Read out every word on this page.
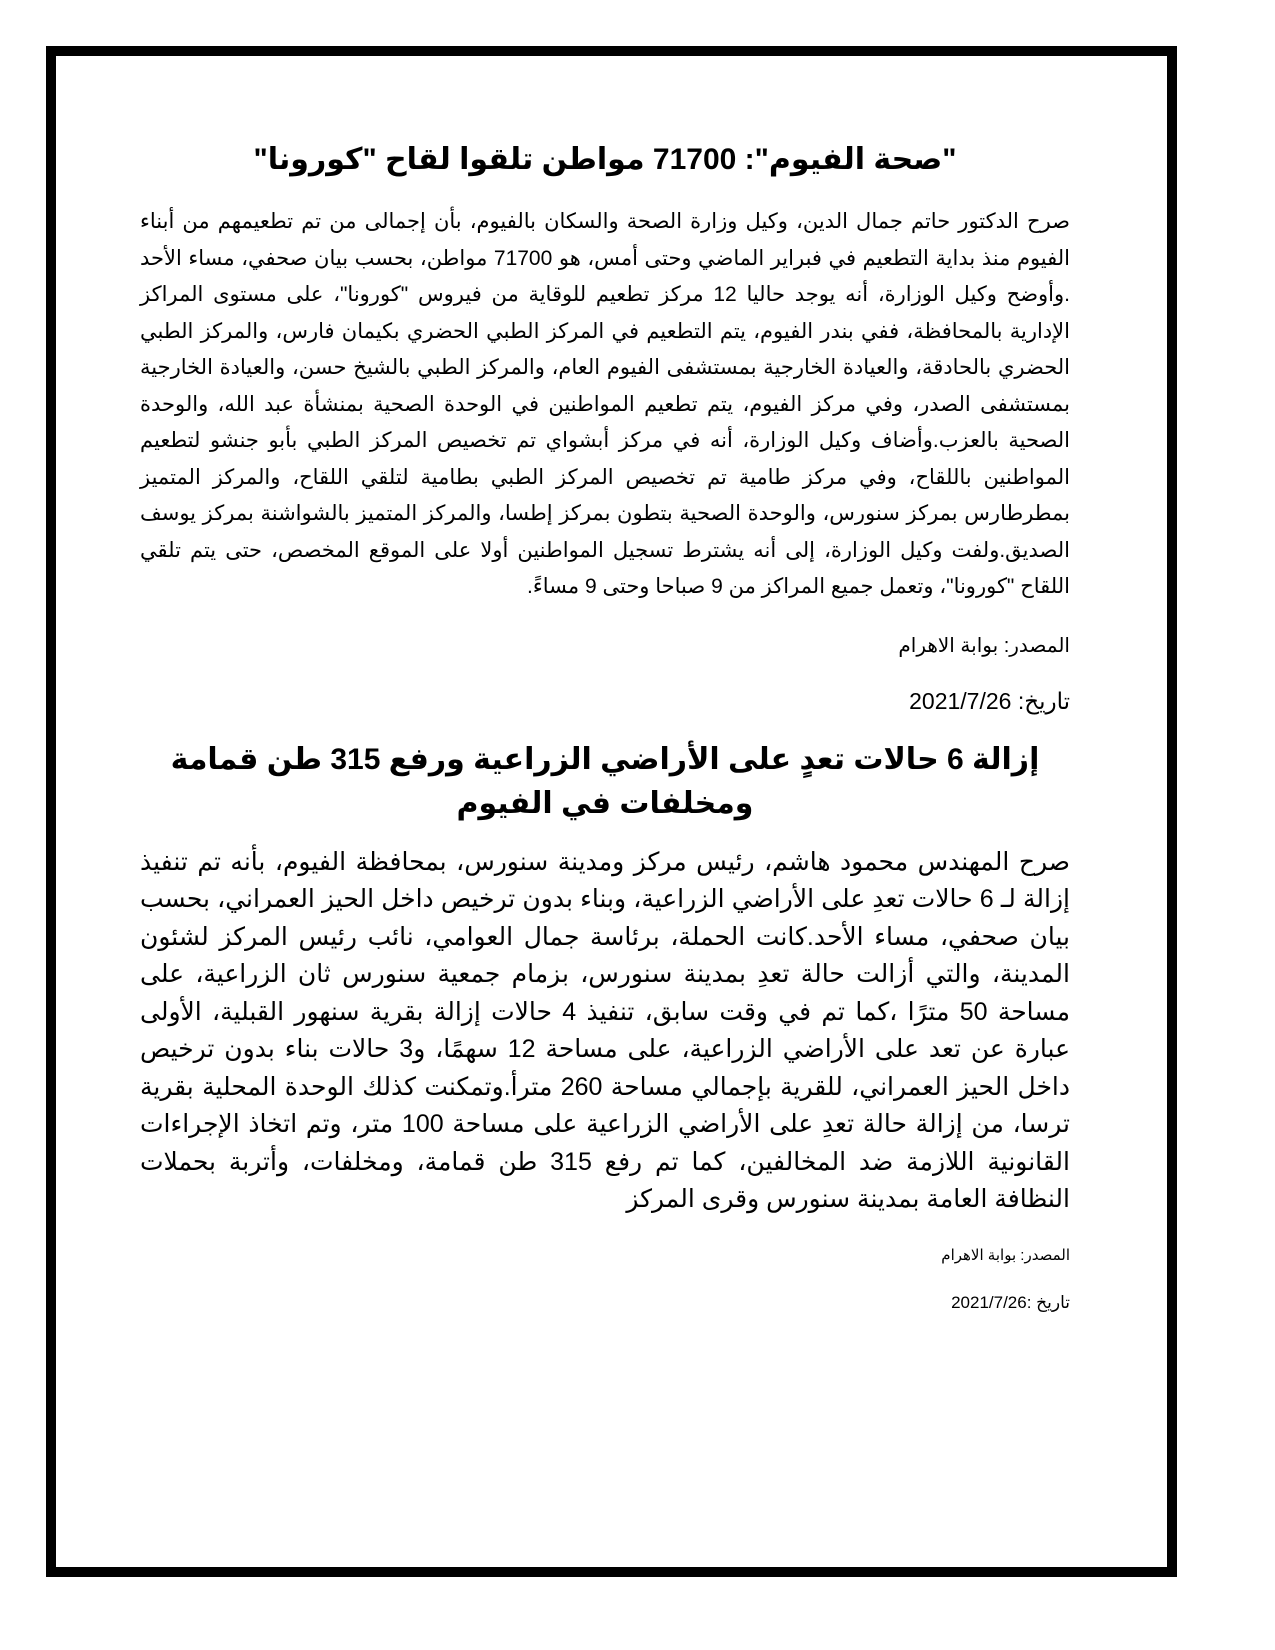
"صحة الفيوم": 71700 مواطن تلقوا لقاح "كورونا"

صرح الدكتور حاتم جمال الدين، وكيل وزارة الصحة والسكان بالفيوم، بأن إجمالى من تم تطعيمهم من أبناء الفيوم منذ بداية التطعيم في فبراير الماضي وحتى أمس، هو 71700 مواطن، بحسب بيان صحفي، مساء الأحد .وأوضح وكيل الوزارة، أنه يوجد حاليا 12 مركز تطعيم للوقاية من فيروس "كورونا"، على مستوى المراكز الإدارية بالمحافظة، ففي بندر الفيوم، يتم التطعيم في المركز الطبي الحضري بكيمان فارس، والمركز الطبي الحضري بالحادقة، والعيادة الخارجية بمستشفى الفيوم العام، والمركز الطبي بالشيخ حسن، والعيادة الخارجية بمستشفى الصدر، وفي مركز الفيوم، يتم تطعيم المواطنين في الوحدة الصحية بمنشأة عبد الله، والوحدة الصحية بالعزب.وأضاف وكيل الوزارة، أنه في مركز أبشواي تم تخصيص المركز الطبي بأبو جنشو لتطعيم المواطنين باللقاح، وفي مركز طامية تم تخصيص المركز الطبي بطامية لتلقي اللقاح، والمركز المتميز بمطرطارس بمركز سنورس، والوحدة الصحية بتطون بمركز إطسا، والمركز المتميز بالشواشنة بمركز يوسف الصديق.ولفت وكيل الوزارة، إلى أنه يشترط تسجيل المواطنين أولا على الموقع المخصص، حتى يتم تلقي اللقاح "كورونا"، وتعمل جميع المراكز من 9 صباحا وحتى 9 مساءً.

المصدر: بوابة الاهرام

تاريخ: 2021/7/26

إزالة 6 حالات تعدٍ على الأراضي الزراعية ورفع 315 طن قمامة ومخلفات في الفيوم

صرح المهندس محمود هاشم، رئيس مركز ومدينة سنورس، بمحافظة الفيوم، بأنه تم تنفيذ إزالة لـ 6 حالات تعدِ على الأراضي الزراعية، وبناء بدون ترخيص داخل الحيز العمراني، بحسب بيان صحفي، مساء الأحد.كانت الحملة، برئاسة جمال العوامي، نائب رئيس المركز لشئون المدينة، والتي أزالت حالة تعدِ بمدينة سنورس، بزمام جمعية سنورس ثان الزراعية، على مساحة 50 مترًا ،كما تم في وقت سابق، تنفيذ 4 حالات إزالة بقرية سنهور القبلية، الأولى عبارة عن تعد على الأراضي الزراعية، على مساحة 12 سهمًا، و3 حالات بناء بدون ترخيص داخل الحيز العمراني، للقرية بإجمالي مساحة 260 مترأ.وتمكنت كذلك الوحدة المحلية بقرية ترسا، من إزالة حالة تعدِ على الأراضي الزراعية على مساحة 100 متر، وتم اتخاذ الإجراءات القانونية اللازمة ضد المخالفين، كما تم رفع 315 طن قمامة، ومخلفات، وأتربة بحملات النظافة العامة بمدينة سنورس وقرى المركز

المصدر: بوابة الاهرام

تاريخ :2021/7/26
